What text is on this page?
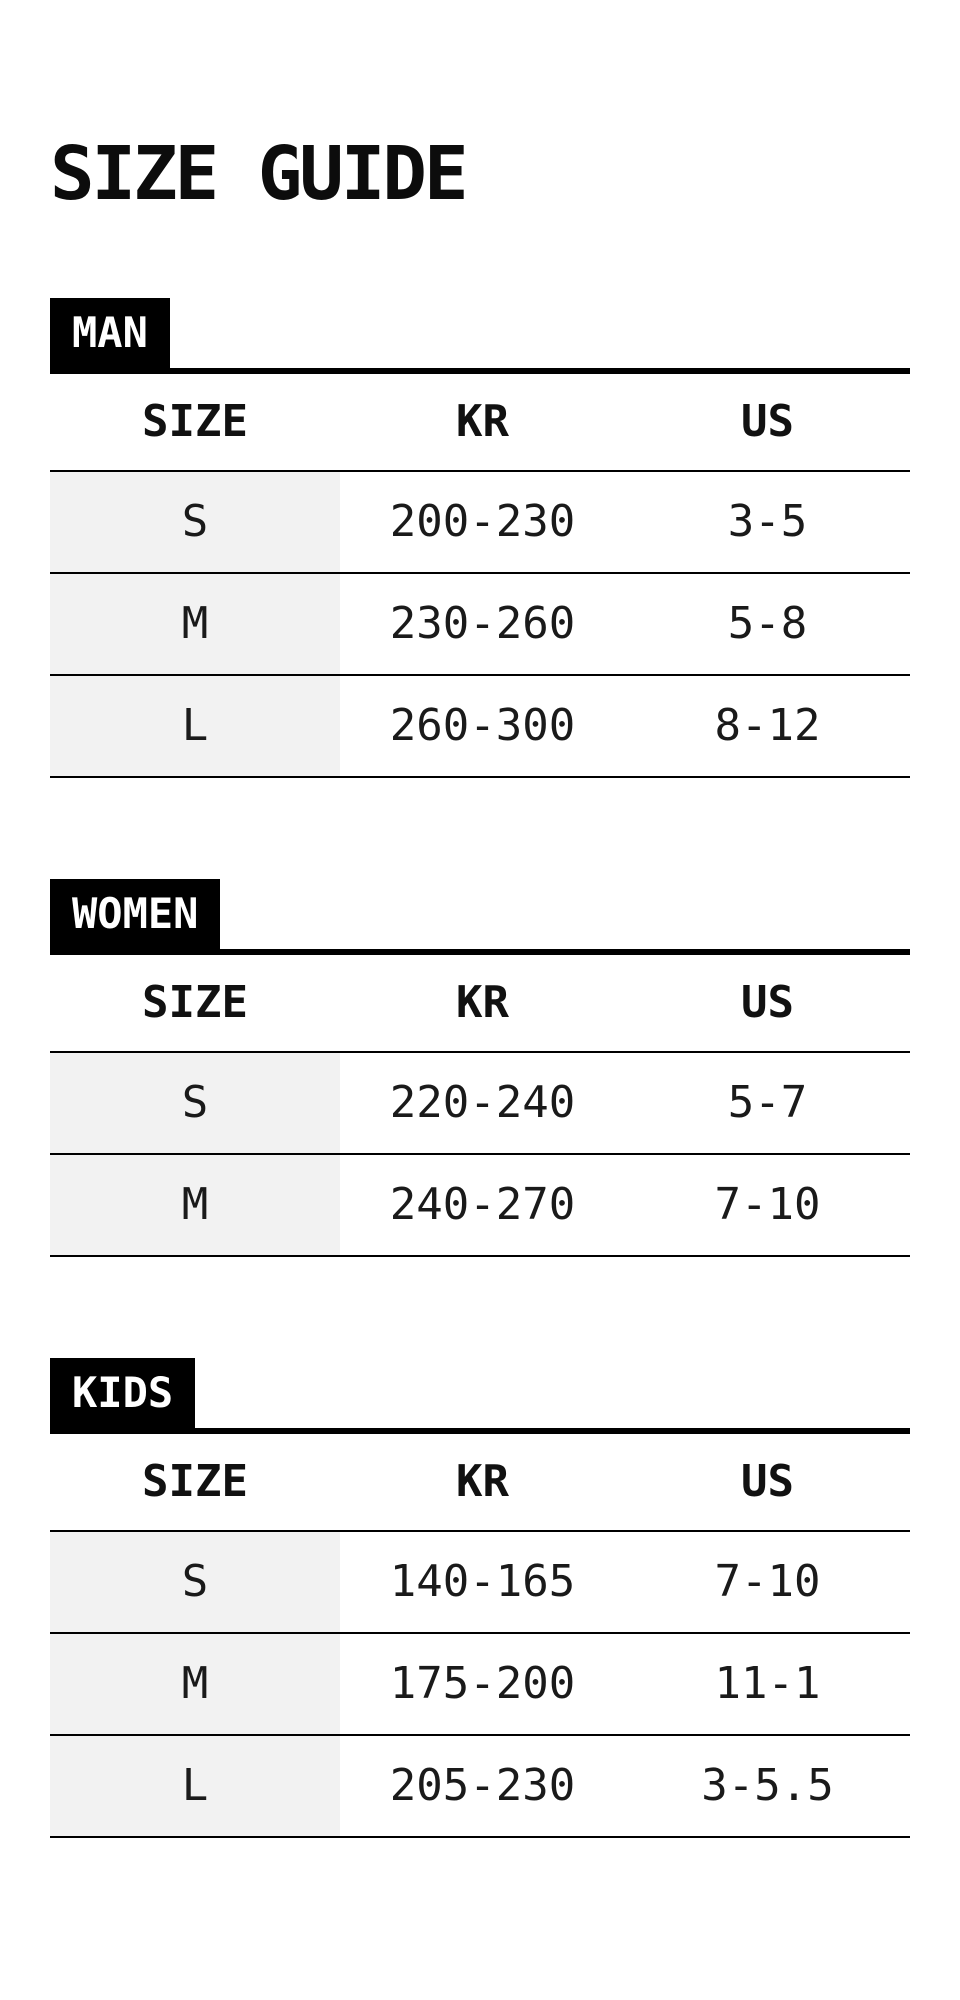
SIZE GUIDE
MAN
SIZE	KR	US
S	200-230	3-5
M	230-260	5-8
L	260-300	8-12
WOMEN
SIZE	KR	US
S	220-240	5-7
M	240-270	7-10
KIDS
SIZE	KR	US
S	140-165	7-10
M	175-200	11-1
L	205-230	3-5.5
